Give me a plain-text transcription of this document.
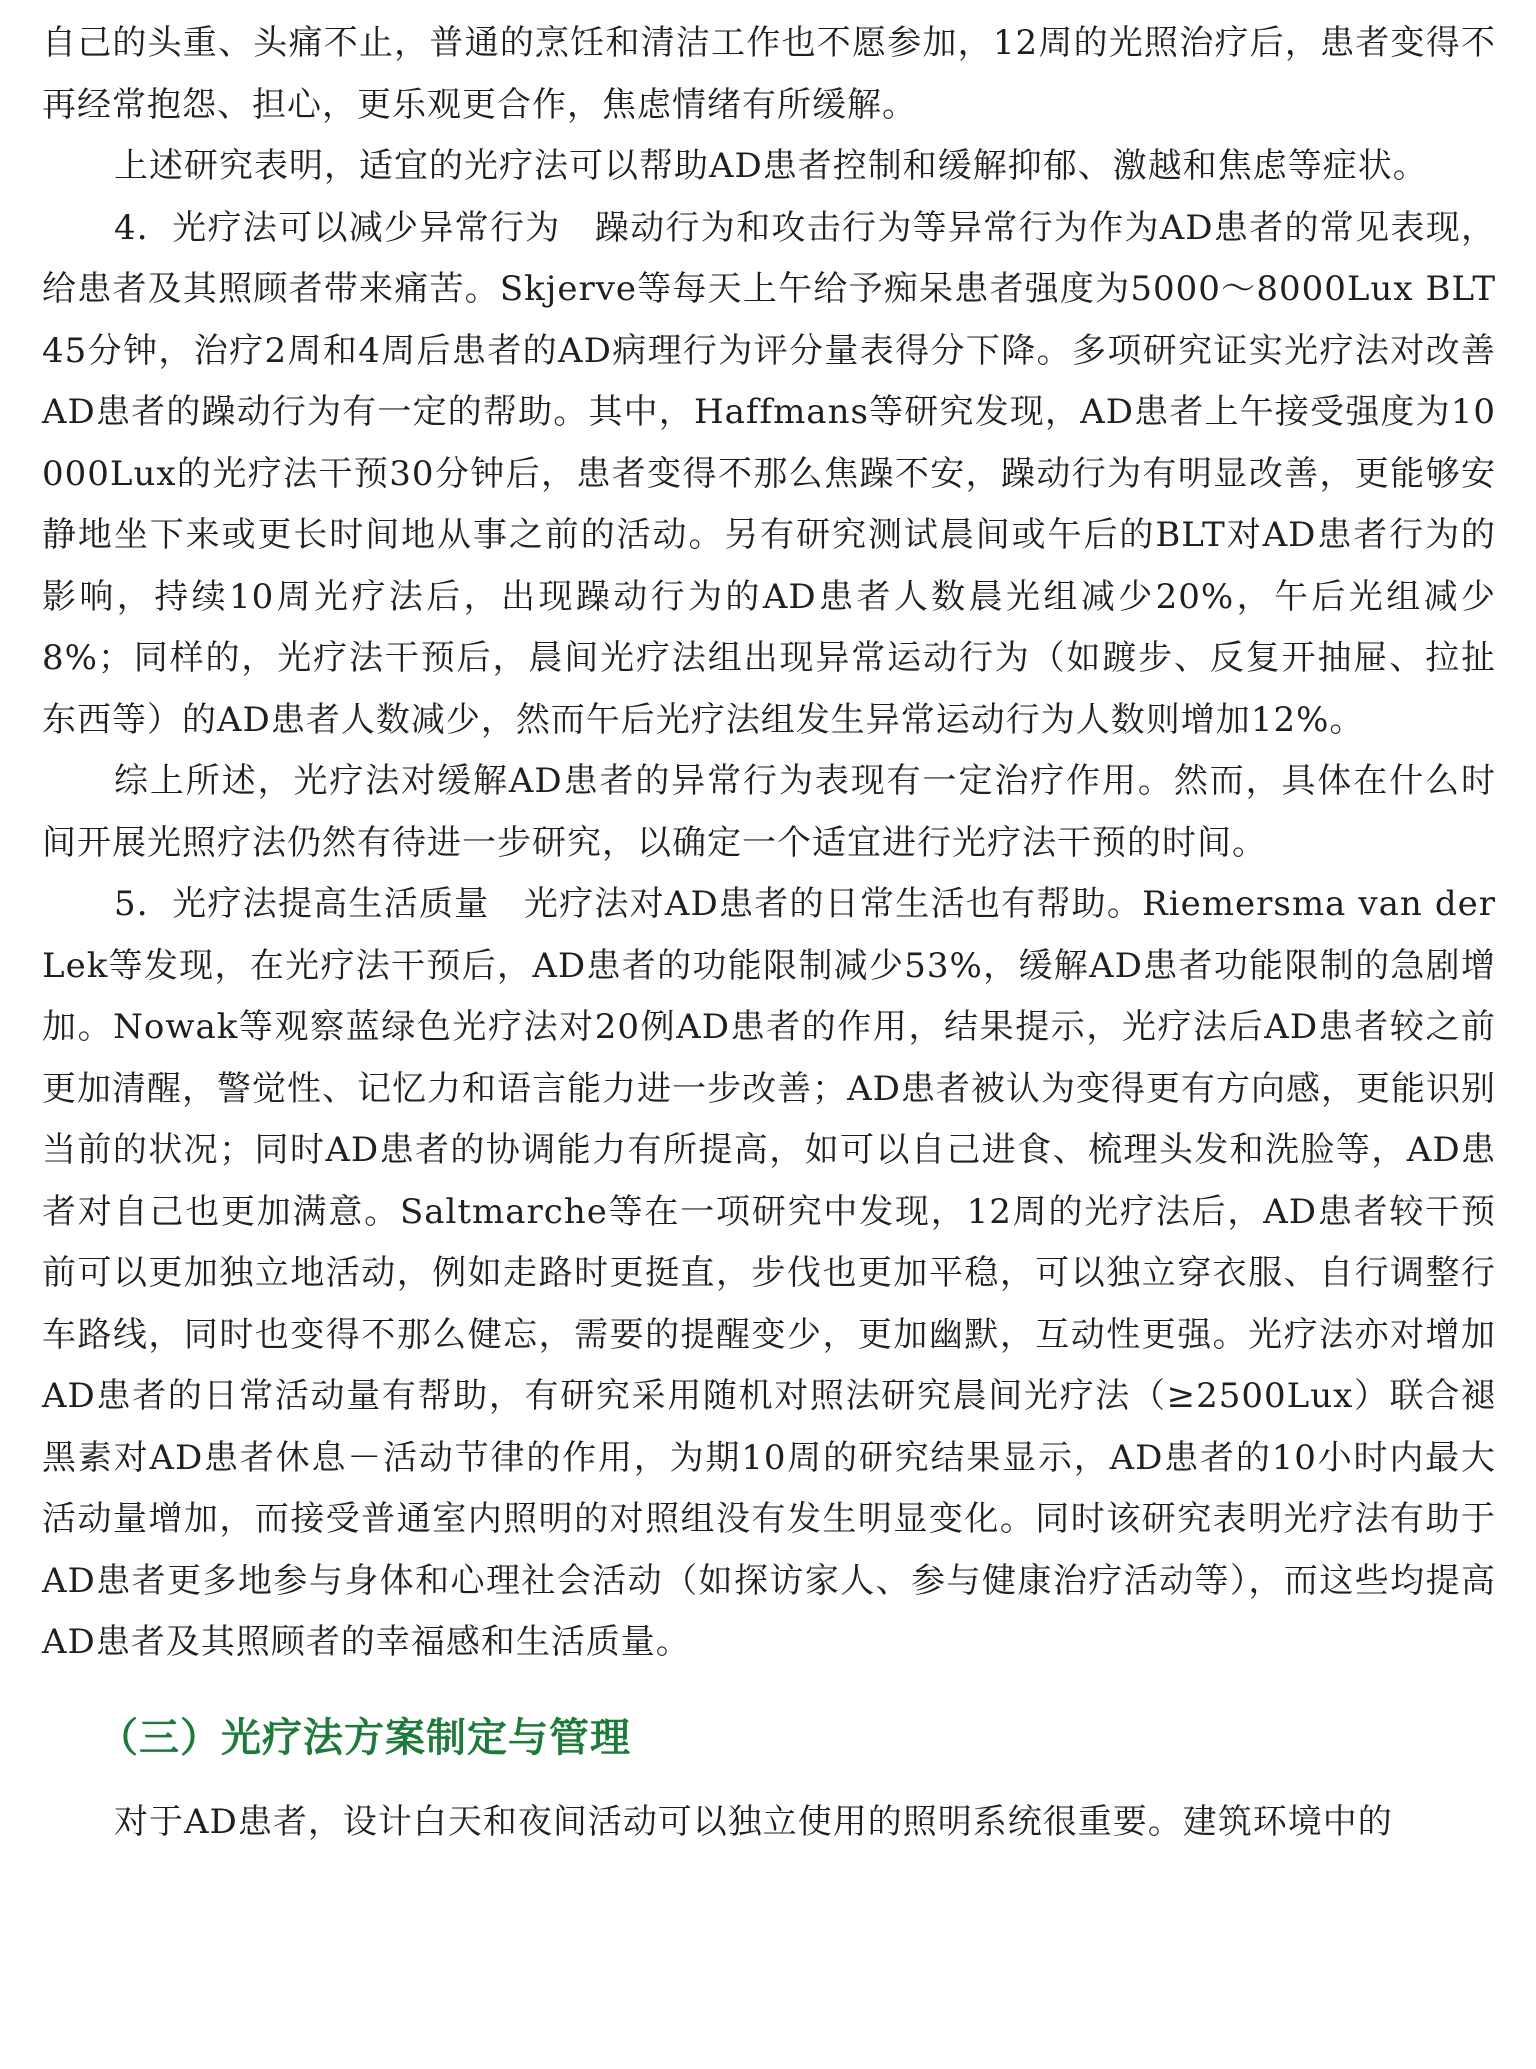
自己的头重、头痛不止，普通的烹饪和清洁工作也不愿参加，12周的光照治疗后，患者变得不再经常抱怨、担心，更乐观更合作，焦虑情绪有所缓解。

上述研究表明，适宜的光疗法可以帮助AD患者控制和缓解抑郁、激越和焦虑等症状。

4．光疗法可以减少异常行为 躁动行为和攻击行为等异常行为作为AD患者的常见表现，给患者及其照顾者带来痛苦。Skjerve等每天上午给予痴呆患者强度为5000～8000Lux BLT 45分钟，治疗2周和4周后患者的AD病理行为评分量表得分下降。多项研究证实光疗法对改善AD患者的躁动行为有一定的帮助。其中，Haffmans等研究发现，AD患者上午接受强度为10 000Lux的光疗法干预30分钟后，患者变得不那么焦躁不安，躁动行为有明显改善，更能够安静地坐下来或更长时间地从事之前的活动。另有研究测试晨间或午后的BLT对AD患者行为的影响，持续10周光疗法后，出现躁动行为的AD患者人数晨光组减少20%，午后光组减少8%；同样的，光疗法干预后，晨间光疗法组出现异常运动行为（如踱步、反复开抽屉、拉扯东西等）的AD患者人数减少，然而午后光疗法组发生异常运动行为人数则增加12%。

综上所述，光疗法对缓解AD患者的异常行为表现有一定治疗作用。然而，具体在什么时间开展光照疗法仍然有待进一步研究，以确定一个适宜进行光疗法干预的时间。

5．光疗法提高生活质量 光疗法对AD患者的日常生活也有帮助。Riemersma van der Lek等发现，在光疗法干预后，AD患者的功能限制减少53%，缓解AD患者功能限制的急剧增加。Nowak等观察蓝绿色光疗法对20例AD患者的作用，结果提示，光疗法后AD患者较之前更加清醒，警觉性、记忆力和语言能力进一步改善；AD患者被认为变得更有方向感，更能识别当前的状况；同时AD患者的协调能力有所提高，如可以自己进食、梳理头发和洗脸等，AD患者对自己也更加满意。Saltmarche等在一项研究中发现，12周的光疗法后，AD患者较干预前可以更加独立地活动，例如走路时更挺直，步伐也更加平稳，可以独立穿衣服、自行调整行车路线，同时也变得不那么健忘，需要的提醒变少，更加幽默，互动性更强。光疗法亦对增加AD患者的日常活动量有帮助，有研究采用随机对照法研究晨间光疗法（≥2500Lux）联合褪黑素对AD患者休息－活动节律的作用，为期10周的研究结果显示，AD患者的10小时内最大活动量增加，而接受普通室内照明的对照组没有发生明显变化。同时该研究表明光疗法有助于AD患者更多地参与身体和心理社会活动（如探访家人、参与健康治疗活动等），而这些均提高AD患者及其照顾者的幸福感和生活质量。

（三）光疗法方案制定与管理

对于AD患者，设计白天和夜间活动可以独立使用的照明系统很重要。建筑环境中的
